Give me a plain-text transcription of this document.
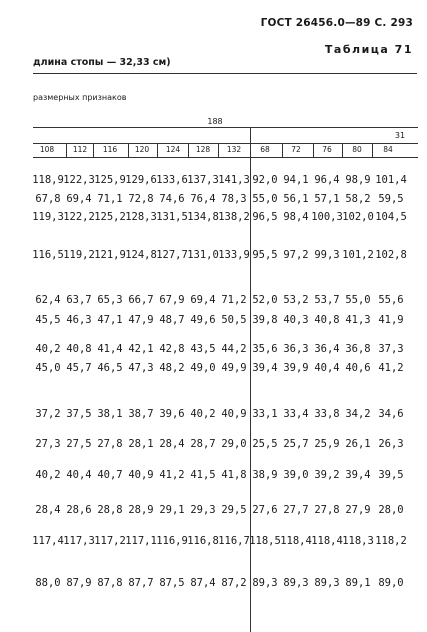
ГОСТ 26456.0—89 С. 293
Таблица 71
длина стопы — 32,33 см)
размерных признаков
188
31
108	112	116	120	124	128	132	68	72	76	80	84
118,9 122,3 125,9 129,6 133,6 137,3 141,3 92,0 94,1 96,4 98,9 101,4
67,8 69,4 71,1 72,8 74,6 76,4 78,3 55,0 56,1 57,1 58,2 59,5
119,3 122,2 125,2 128,3 131,5 134,8 138,2 96,5 98,4 100,3 102,0 104,5
116,5 119,2 121,9 124,8 127,7 131,0 133,9 95,5 97,2 99,3 101,2 102,8
62,4 63,7 65,3 66,7 67,9 69,4 71,2 52,0 53,2 53,7 55,0 55,6
45,5 46,3 47,1 47,9 48,7 49,6 50,5 39,8 40,3 40,8 41,3 41,9
40,2 40,8 41,4 42,1 42,8 43,5 44,2 35,6 36,3 36,4 36,8 37,3
45,0 45,7 46,5 47,3 48,2 49,0 49,9 39,4 39,9 40,4 40,6 41,2
37,2 37,5 38,1 38,7 39,6 40,2 40,9 33,1 33,4 33,8 34,2 34,6
27,3 27,5 27,8 28,1 28,4 28,7 29,0 25,5 25,7 25,9 26,1 26,3
40,2 40,4 40,7 40,9 41,2 41,5 41,8 38,9 39,0 39,2 39,4 39,5
28,4 28,6 28,8 28,9 29,1 29,3 29,5 27,6 27,7 27,8 27,9 28,0
117,4 117,3 117,2 117,1 116,9 116,8 116,7 118,5 118,4 118,4 118,3 118,2
88,0 87,9 87,8 87,7 87,5 87,4 87,2 89,3 89,3 89,3 89,1 89,0
